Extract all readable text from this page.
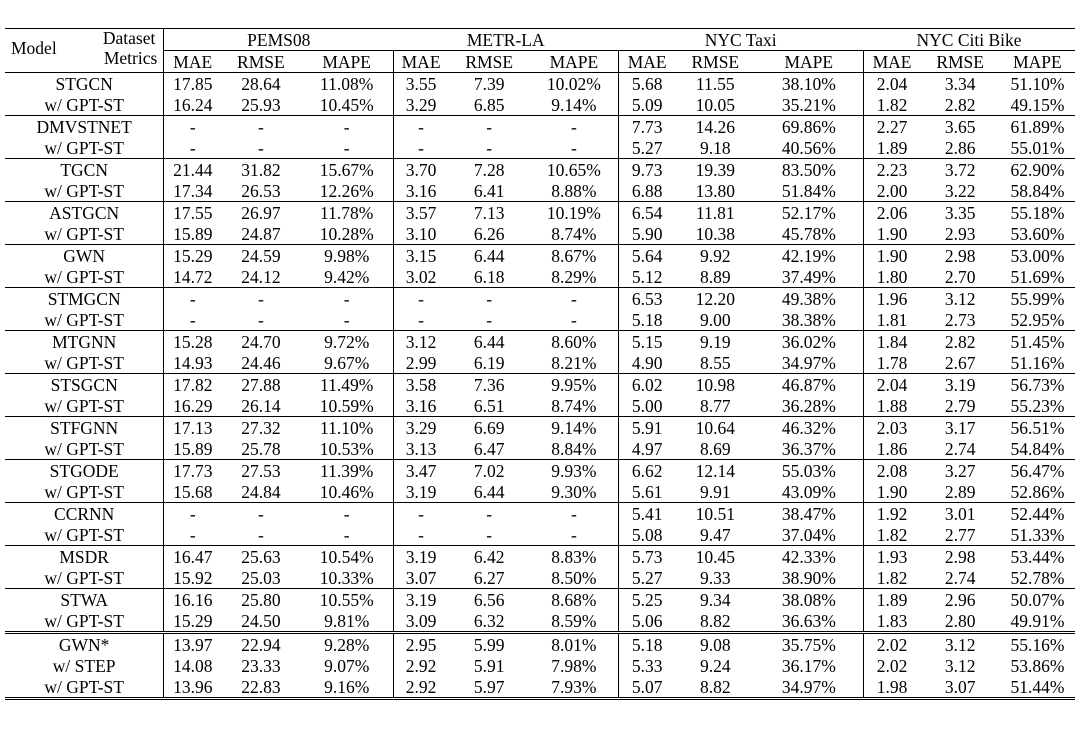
Model Dataset
Metrics	PEMS08			METR-LA			NYC Taxi			NYC Citi Bike		
	MAE	RMSE	MAPE	MAE	RMSE	MAPE	MAE	RMSE	MAPE	MAE	RMSE	MAPE
STGCN	17.85	28.64	11.08%	3.55	7.39	10.02%	5.68	11.55	38.10%	2.04	3.34	51.10%
w/ GPT-ST	16.24	25.93	10.45%	3.29	6.85	9.14%	5.09	10.05	35.21%	1.82	2.82	49.15%
DMVSTNET	-	-	-	-	-	-	7.73	14.26	69.86%	2.27	3.65	61.89%
w/ GPT-ST	-	-	-	-	-	-	5.27	9.18	40.56%	1.89	2.86	55.01%
TGCN	21.44	31.82	15.67%	3.70	7.28	10.65%	9.73	19.39	83.50%	2.23	3.72	62.90%
w/ GPT-ST	17.34	26.53	12.26%	3.16	6.41	8.88%	6.88	13.80	51.84%	2.00	3.22	58.84%
ASTGCN	17.55	26.97	11.78%	3.57	7.13	10.19%	6.54	11.81	52.17%	2.06	3.35	55.18%
w/ GPT-ST	15.89	24.87	10.28%	3.10	6.26	8.74%	5.90	10.38	45.78%	1.90	2.93	53.60%
GWN	15.29	24.59	9.98%	3.15	6.44	8.67%	5.64	9.92	42.19%	1.90	2.98	53.00%
w/ GPT-ST	14.72	24.12	9.42%	3.02	6.18	8.29%	5.12	8.89	37.49%	1.80	2.70	51.69%
STMGCN	-	-	-	-	-	-	6.53	12.20	49.38%	1.96	3.12	55.99%
w/ GPT-ST	-	-	-	-	-	-	5.18	9.00	38.38%	1.81	2.73	52.95%
MTGNN	15.28	24.70	9.72%	3.12	6.44	8.60%	5.15	9.19	36.02%	1.84	2.82	51.45%
w/ GPT-ST	14.93	24.46	9.67%	2.99	6.19	8.21%	4.90	8.55	34.97%	1.78	2.67	51.16%
STSGCN	17.82	27.88	11.49%	3.58	7.36	9.95%	6.02	10.98	46.87%	2.04	3.19	56.73%
w/ GPT-ST	16.29	26.14	10.59%	3.16	6.51	8.74%	5.00	8.77	36.28%	1.88	2.79	55.23%
STFGNN	17.13	27.32	11.10%	3.29	6.69	9.14%	5.91	10.64	46.32%	2.03	3.17	56.51%
w/ GPT-ST	15.89	25.78	10.53%	3.13	6.47	8.84%	4.97	8.69	36.37%	1.86	2.74	54.84%
STGODE	17.73	27.53	11.39%	3.47	7.02	9.93%	6.62	12.14	55.03%	2.08	3.27	56.47%
w/ GPT-ST	15.68	24.84	10.46%	3.19	6.44	9.30%	5.61	9.91	43.09%	1.90	2.89	52.86%
CCRNN	-	-	-	-	-	-	5.41	10.51	38.47%	1.92	3.01	52.44%
w/ GPT-ST	-	-	-	-	-	-	5.08	9.47	37.04%	1.82	2.77	51.33%
MSDR	16.47	25.63	10.54%	3.19	6.42	8.83%	5.73	10.45	42.33%	1.93	2.98	53.44%
w/ GPT-ST	15.92	25.03	10.33%	3.07	6.27	8.50%	5.27	9.33	38.90%	1.82	2.74	52.78%
STWA	16.16	25.80	10.55%	3.19	6.56	8.68%	5.25	9.34	38.08%	1.89	2.96	50.07%
w/ GPT-ST	15.29	24.50	9.81%	3.09	6.32	8.59%	5.06	8.82	36.63%	1.83	2.80	49.91%
GWN*	13.97	22.94	9.28%	2.95	5.99	8.01%	5.18	9.08	35.75%	2.02	3.12	55.16%
w/ STEP	14.08	23.33	9.07%	2.92	5.91	7.98%	5.33	9.24	36.17%	2.02	3.12	53.86%
w/ GPT-ST	13.96	22.83	9.16%	2.92	5.97	7.93%	5.07	8.82	34.97%	1.98	3.07	51.44%
